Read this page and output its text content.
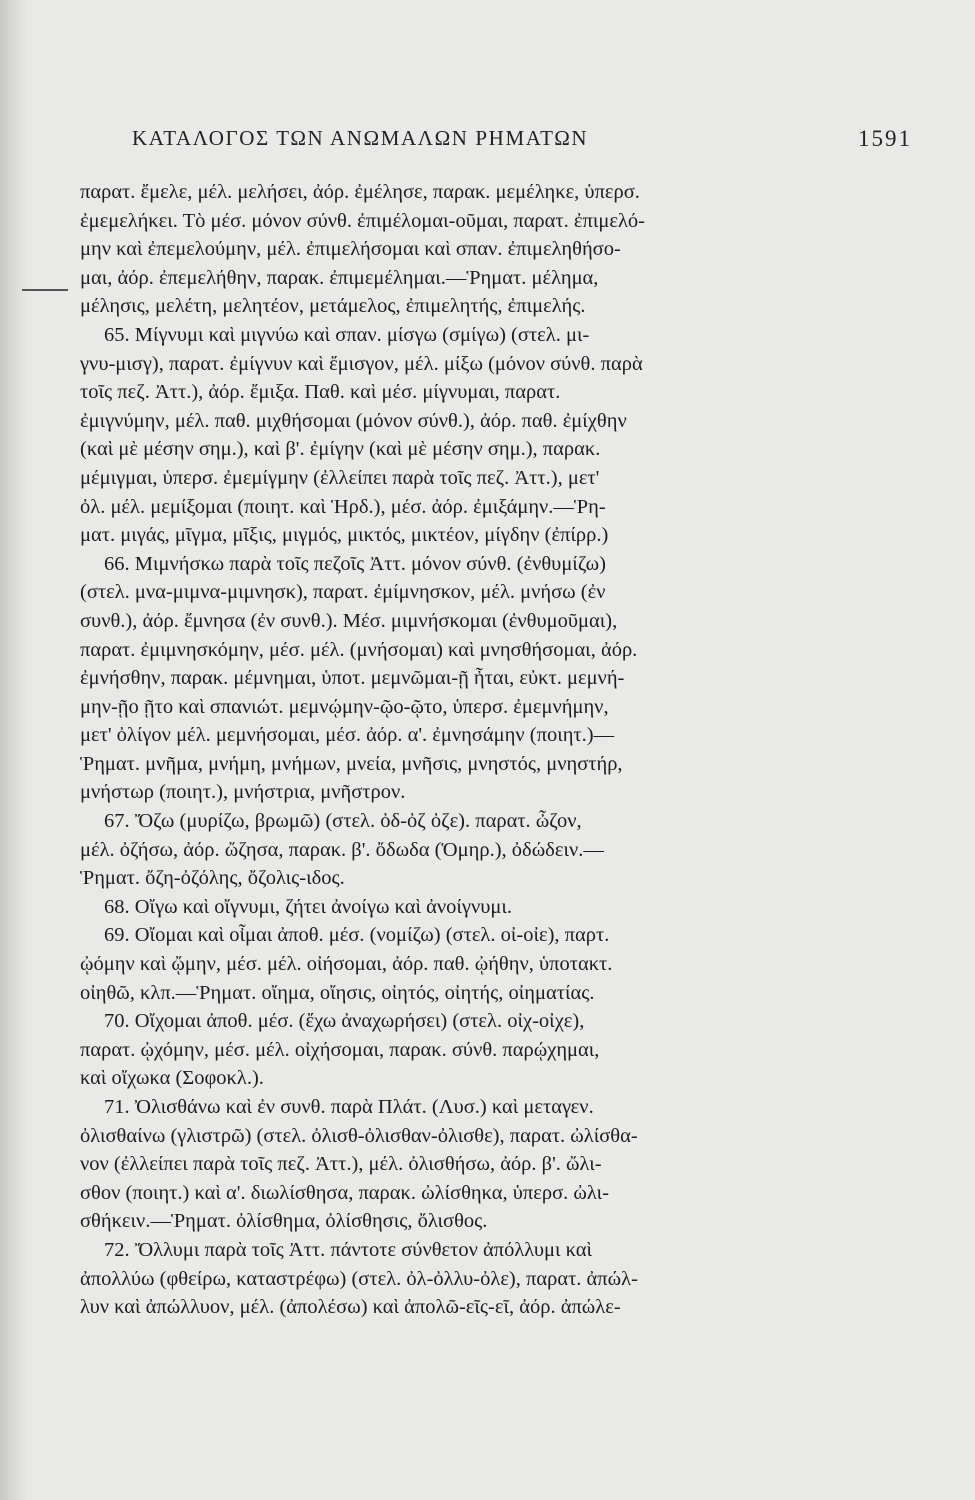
ΚΑΤΑΛΟΓΟΣ ΤΩΝ ΑΝΩΜΑΛΩΝ ΡΗΜΑΤΩΝ	1591
παρατ. ἔμελε, μέλ. μελήσει, ἀόρ. ἐμέλησε, παρακ. μεμέληκε, ὑπερσ.
ἐμεμελήκει. Τὸ μέσ. μόνον σύνθ. ἐπιμέλομαι-οῦμαι, παρατ. ἐπιμελό-
μην καὶ ἐπεμελούμην, μέλ. ἐπιμελήσομαι καὶ σπαν. ἐπιμεληθήσο-
μαι, ἀόρ. ἐπεμελήθην, παρακ. ἐπιμεμέλημαι.—Ῥηματ. μέλημα,
μέλησις, μελέτη, μελητέον, μετάμελος, ἐπιμελητής, ἐπιμελής.
65. Μίγνυμι καὶ μιγνύω καὶ σπαν. μίσγω (σμίγω) (στελ. μι-
γνυ-μισγ), παρατ. ἐμίγνυν καὶ ἔμισγον, μέλ. μίξω (μόνον σύνθ. παρὰ
τοῖς πεζ. Ἀττ.), ἀόρ. ἔμιξα. Παθ. καὶ μέσ. μίγνυμαι, παρατ.
ἐμιγνύμην, μέλ. παθ. μιχθήσομαι (μόνον σύνθ.), ἀόρ. παθ. ἐμίχθην
(καὶ μὲ μέσην σημ.), καὶ β'. ἐμίγην (καὶ μὲ μέσην σημ.), παρακ.
μέμιγμαι, ὑπερσ. ἐμεμίγμην (ἐλλείπει παρὰ τοῖς πεζ. Ἀττ.), μετ'
ὀλ. μέλ. μεμίξομαι (ποιητ. καὶ Ἡρδ.), μέσ. ἀόρ. ἐμιξάμην.—Ῥη-
ματ. μιγάς, μῖγμα, μῖξις, μιγμός, μικτός, μικτέον, μίγδην (ἐπίρρ.)
66. Μιμνήσκω παρὰ τοῖς πεζοῖς Ἀττ. μόνον σύνθ. (ἐνθυμίζω)
(στελ. μνα-μιμνα-μιμνησκ), παρατ. ἐμίμνησκον, μέλ. μνήσω (ἐν
συνθ.), ἀόρ. ἔμνησα (ἐν συνθ.). Μέσ. μιμνήσκομαι (ἐνθυμοῦμαι),
παρατ. ἐμιμνησκόμην, μέσ. μέλ. (μνήσομαι) καὶ μνησθήσομαι, ἀόρ.
ἐμνήσθην, παρακ. μέμνημαι, ὑποτ. μεμνῶμαι-ῇ ἦται, εὐκτ. μεμνή-
μην-ῇο ῇτο καὶ σπανιώτ. μεμνῴμην-ῷο-ῷτο, ὑπερσ. ἐμεμνήμην,
μετ' ὀλίγον μέλ. μεμνήσομαι, μέσ. ἀόρ. α'. ἐμνησάμην (ποιητ.)—
Ῥηματ. μνῆμα, μνήμη, μνήμων, μνεία, μνῆσις, μνηστός, μνηστήρ,
μνήστωρ (ποιητ.), μνήστρια, μνῆστρον.
67. Ὄζω (μυρίζω, βρωμῶ) (στελ. ὀδ-ὀζ ὀζε). παρατ. ὦζον,
μέλ. ὀζήσω, ἀόρ. ὤζησα, παρακ. β'. ὄδωδα (Ὁμηρ.), ὀδώδειν.—
Ῥηματ. ὄζη-ὀζόλης, ὄζολις-ιδος.
68. Οἴγω καὶ οἴγνυμι, ζήτει ἀνοίγω καὶ ἀνοίγνυμι.
69. Οἴομαι καὶ οἶμαι ἀποθ. μέσ. (νομίζω) (στελ. οἰ-οἰε), παρτ.
ᾠόμην καὶ ᾤμην, μέσ. μέλ. οἰήσομαι, ἀόρ. παθ. ᾠήθην, ὑποτακτ.
οἰηθῶ, κλπ.—Ῥηματ. οἴημα, οἴησις, οἰητός, οἰητής, οἰηματίας.
70. Οἴχομαι ἀποθ. μέσ. (ἔχω ἀναχωρήσει) (στελ. οἰχ-οἰχε),
παρατ. ᾠχόμην, μέσ. μέλ. οἰχήσομαι, παρακ. σύνθ. παρῴχημαι,
καὶ οἴχωκα (Σοφοκλ.).
71. Ὀλισθάνω καὶ ἐν συνθ. παρὰ Πλάτ. (Λυσ.) καὶ μεταγεν.
ὀλισθαίνω (γλιστρῶ) (στελ. ὀλισθ-ὀλισθαν-ὀλισθε), παρατ. ὠλίσθα-
νον (ἐλλείπει παρὰ τοῖς πεζ. Ἀττ.), μέλ. ὀλισθήσω, ἀόρ. β'. ὤλι-
σθον (ποιητ.) καὶ α'. διωλίσθησα, παρακ. ὠλίσθηκα, ὑπερσ. ὠλι-
σθήκειν.—Ῥηματ. ὀλίσθημα, ὀλίσθησις, ὄλισθος.
72. Ὄλλυμι παρὰ τοῖς Ἀττ. πάντοτε σύνθετον ἀπόλλυμι καὶ
ἀπολλύω (φθείρω, καταστρέφω) (στελ. ὀλ-ὀλλυ-ὀλε), παρατ. ἀπώλ-
λυν καὶ ἀπώλλυον, μέλ. (ἀπολέσω) καὶ ἀπολῶ-εῖς-εῖ, ἀόρ. ἀπώλε-
